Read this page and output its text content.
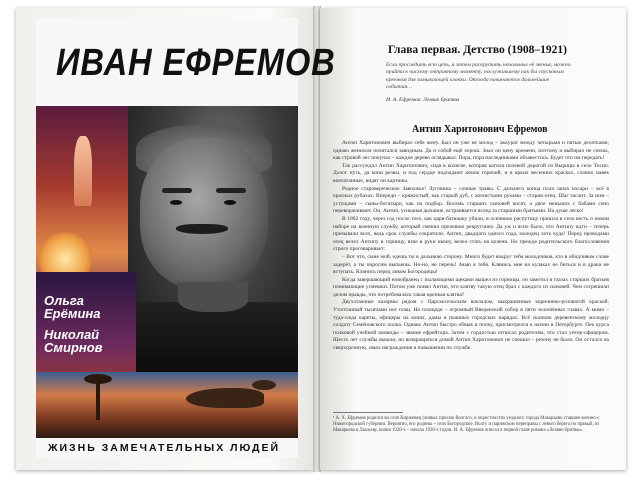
ИВАН ЕФРЕМОВ
Ольга
Ерёмина
Николай
Смирнов
ЖИЗНЬ ЗАМЕЧАТЕЛЬНЫХ ЛЮДЕЙ
Глава первая. Детство (1908–1921)
Если проследить всю цепь, и затем раскрутить начальные её звенья, можно прийти к чисхему отправному моменту, послужившему как бы спусковым крючком для замыкающей хлопки. Отсюда начинаются дальнейшие события…
И. А. Ефремов. Лезвие бритвы
Антип Харитонович Ефремов

Антип Харитонович выбирал себе жену. Был он уже не молод – аккурат между четырьмя и пятью десятками, однако женихом почитался завидным. Да и собой ещё хорош. Знал он цену времени, поэтому и выбирал не спеша, как стровой лес покупал – каждое дерево оглядывал. Пора, пора наследниками обзавестись. Будет что им передать!

Так рассуждал Антип Харитонович, сидя в коляске, которая катила полевой дорогой из Вырицы в село Тосно. Долог путь, да кони резвы, и под сердце подпадают комок горячий, и в ярких весенних красках, словно навек впечатанные, видят он картины.

Родное старовереческое Заволжье! Луговина – сочные травы. С дальнего конца поля запах косари – всё в красных рубахах. Впереди – кряжистый, как старый дуб, с жилистыми руками – старик-отец. Шаг заслит. За ним – устущами – сыны-богатыри, как на подбор. Восемь старших сыновей косят, а двое меньших с бабами сено переворачивают. Он, Антип, усиканая дыхание, встраивается вслед за старшими братьями. На душе легко!

В 1882 году, через год после того, как царя-батюшку убили, в осеннюю распутицу пришла в село весть о новом наборе на военную службу, который сменил прежнюю рекрутчину. Да уж и ясно было, что Антипу идти – теперь призывали всех, ведь срок службы сократили. Антип, двадцати одного года, молодец хоть куда! Перед проводами отец велел Антипу в горницу, взял в руки икону, велел стать на колени. Но прежде родительского благословения строго проговаривает:

– Вот что, сыне мой, едешь ты в дальнюю сторону. Много будет вокруг тебя молодчиков, кто в обидчивом слове задерёт, а ты поросим выпьешь. Но-но, не перечь! Знаю я тебя. Клянись мне на кулаках не биться и в драки не вступать. Клянись перед ликом Богородицы!

Когда завершающий новобранец с пылающими щеками вышел из горницы, он заметил в глазах старших братьев понимающие усмешки. Потом уже понял Антип, что клятву такую отец брал с каждого из сыновей. Чем согрешили делом правды, что потребовалась такая крепкая клятва?

Двухэтажные казармы рядом с Царскосельским вокзалом, выкрашенные коричнево-розоватой краской. Утоптанный тысячами ног плац. На площади – огромный Введенский собор в пяти золочённых главах. А мимо – туда-сюда кареты, офицеры на конях, дамы в пышных городских нарядах. Всё сказкою деревенскому молодцу солдату Семёновского полка. Однако Антип быстро обвык в полку, присмотрелся к жизни в Петербурге. Пек курса полковой учебной команды – звание ефрейтора. Затем с гордостью отписал родителям, что стал унтер-офицером. Шесть лет службы вышли, но возвращаться домой Антип Харитонович не спешил – резону не было. Он остался на сверхсрочную, имел награждения в повышении по службе.

¹ А. Х. Ефремов родился во селе Кирживец (живых присмо Волгаго, и окрестностях уездного города Макарьево ставшее военно-с Нижегородской губернии. Вероятно, его родины – село Богородское. Волгу и парижском переправы с левого берега по правый, из Макарьева в Лыскову, копия 1920-х – начала 1930-х годов. И. А. Ефремов описал в первой главе романа «Лезвие бритвы».
